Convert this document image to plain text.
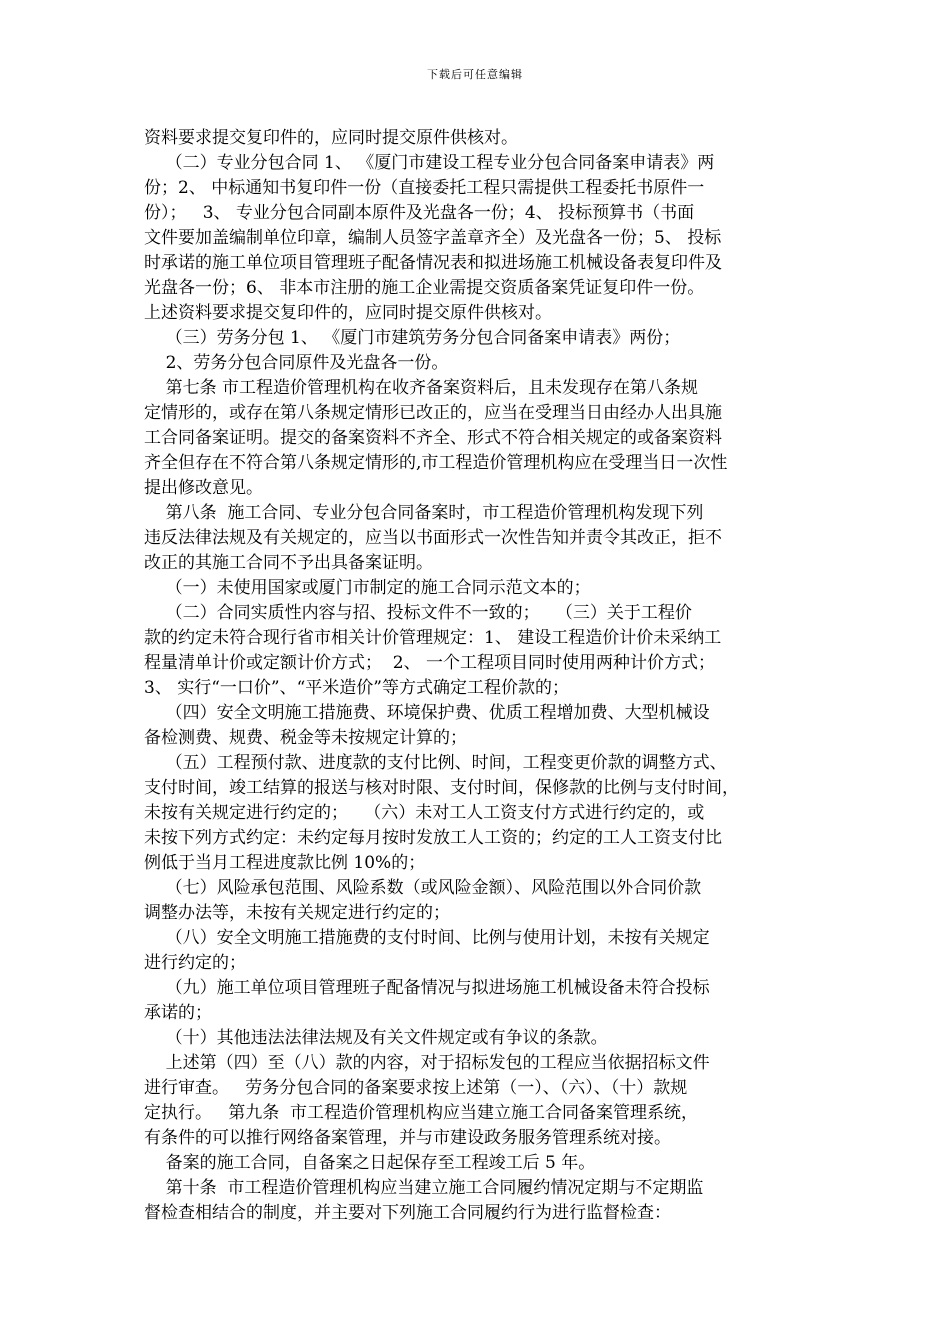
下载后可任意编辑
资料要求提交复印件的，应同时提交原件供核对。
（二）专业分包合同 1、 《厦门市建设工程专业分包合同备案申请表》两
份；2、 中标通知书复印件一份（直接委托工程只需提供工程委托书原件一
份）；   3、 专业分包合同副本原件及光盘各一份；4、 投标预算书（书面
文件要加盖编制单位印章，编制人员签字盖章齐全）及光盘各一份；5、 投标
时承诺的施工单位项目管理班子配备情况表和拟进场施工机械设备表复印件及
光盘各一份；6、 非本市注册的施工企业需提交资质备案凭证复印件一份。
上述资料要求提交复印件的，应同时提交原件供核对。
（三）劳务分包 1、 《厦门市建筑劳务分包合同备案申请表》两份；
2、劳务分包合同原件及光盘各一份。
第七条 市工程造价管理机构在收齐备案资料后，且未发现存在第八条规
定情形的，或存在第八条规定情形已改正的，应当在受理当日由经办人出具施
工合同备案证明。提交的备案资料不齐全、形式不符合相关规定的或备案资料
齐全但存在不符合第八条规定情形的,市工程造价管理机构应在受理当日一次性
提出修改意见。
第八条  施工合同、专业分包合同备案时，市工程造价管理机构发现下列
违反法律法规及有关规定的，应当以书面形式一次性告知并责令其改正，拒不
改正的其施工合同不予出具备案证明。
（一）未使用国家或厦门市制定的施工合同示范文本的；
（二）合同实质性内容与招、投标文件不一致的；   （三）关于工程价
款的约定未符合现行省市相关计价管理规定：1、 建设工程造价计价未采纳工
程量清单计价或定额计价方式；  2、 一个工程项目同时使用两种计价方式；
3、 实行“一口价”、“平米造价”等方式确定工程价款的；
（四）安全文明施工措施费、环境保护费、优质工程增加费、大型机械设
备检测费、规费、税金等未按规定计算的；
（五）工程预付款、进度款的支付比例、时间，工程变更价款的调整方式、
支付时间，竣工结算的报送与核对时限、支付时间，保修款的比例与支付时间，
未按有关规定进行约定的；   （六）未对工人工资支付方式进行约定的，或
未按下列方式约定：未约定每月按时发放工人工资的；约定的工人工资支付比
例低于当月工程进度款比例 10%的；
（七）风险承包范围、风险系数（或风险金额）、风险范围以外合同价款
调整办法等，未按有关规定进行约定的；
（八）安全文明施工措施费的支付时间、比例与使用计划，未按有关规定
进行约定的；
（九）施工单位项目管理班子配备情况与拟进场施工机械设备未符合投标
承诺的；
（十）其他违法法律法规及有关文件规定或有争议的条款。
上述第（四）至（八）款的内容，对于招标发包的工程应当依据招标文件
进行审查。   劳务分包合同的备案要求按上述第（一）、（六）、（十）款规
定执行。   第九条  市工程造价管理机构应当建立施工合同备案管理系统，
有条件的可以推行网络备案管理，并与市建设政务服务管理系统对接。
备案的施工合同，自备案之日起保存至工程竣工后 5 年。
第十条  市工程造价管理机构应当建立施工合同履约情况定期与不定期监
督检查相结合的制度，并主要对下列施工合同履约行为进行监督检查：
